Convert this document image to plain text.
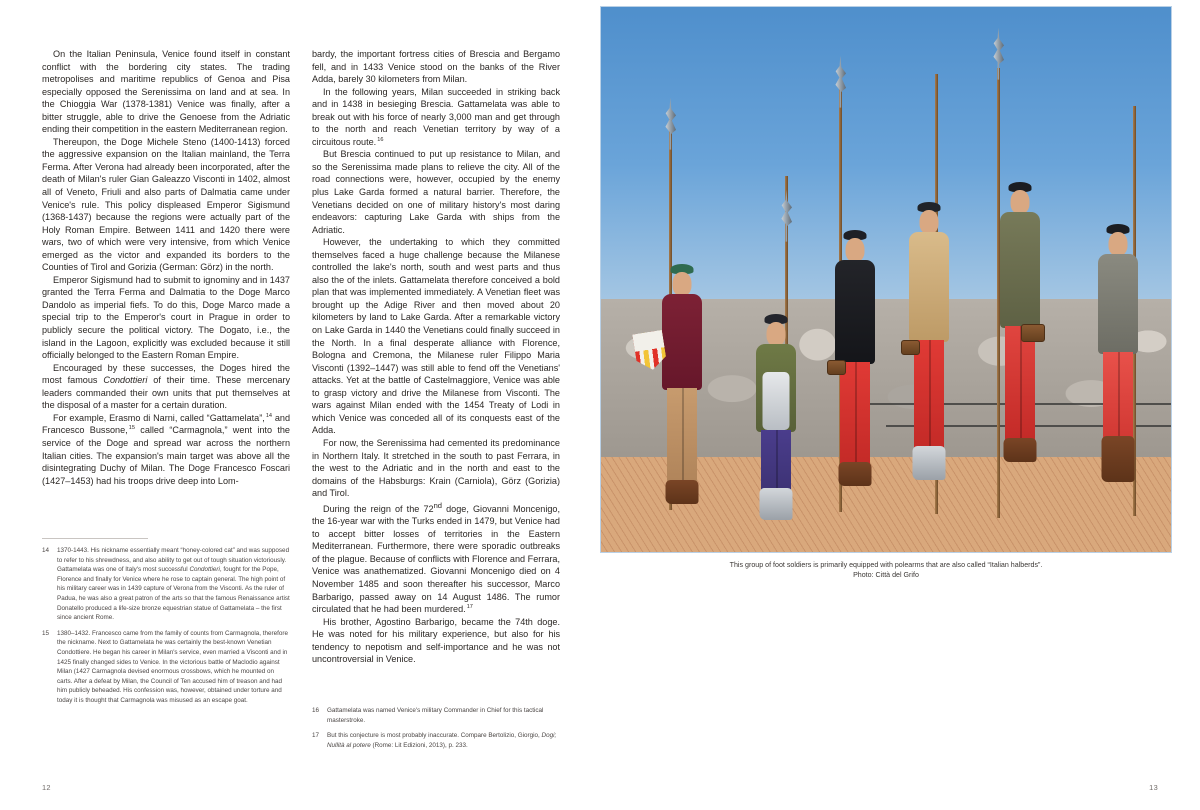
On the Italian Peninsula, Venice found itself in constant conflict with the bordering city states. The trading metropolises and maritime republics of Genoa and Pisa especially opposed the Serenissima on land and at sea. In the Chioggia War (1378-1381) Venice was finally, after a bitter struggle, able to drive the Genoese from the Adriatic ending their competition in the eastern Mediterranean region.

Thereupon, the Doge Michele Steno (1400-1413) forced the aggressive expansion on the Italian mainland, the Terra Ferma. After Verona had already been incorporated, after the death of Milan's ruler Gian Galeazzo Visconti in 1402, almost all of Veneto, Friuli and also parts of Dalmatia came under Venice's rule. This policy displeased Emperor Sigismund (1368-1437) because the regions were actually part of the Holy Roman Empire. Between 1411 and 1420 there were wars, two of which were very intensive, from which Venice emerged as the victor and expanded its borders to the Counties of Tirol and Gorizia (German: Görz) in the north.

Emperor Sigismund had to submit to ignominy and in 1437 granted the Terra Ferma and Dalmatia to the Doge Marco Dandolo as imperial fiefs. To do this, Doge Marco made a special trip to the Emperor's court in Prague in order to publicly secure the political victory. The Dogato, i.e., the island in the Lagoon, explicitly was excluded because it still officially belonged to the Eastern Roman Empire.

Encouraged by these successes, the Doges hired the most famous Condottieri of their time. These mercenary leaders commanded their own units that put themselves at the disposal of a master for a certain duration.

For example, Erasmo di Narni, called “Gattamelata”,$^{14}$ and Francesco Bussone,$^{15}$ called “Carmagnola,” went into the service of the Doge and spread war across the northern Italian cities. The expansion's main target was above all the disintegrating Duchy of Milan. The Doge Francesco Foscari (1427–1453) had his troops drive deep into Lom-

14	1370-1443. His nickname essentially meant “honey-colored cat” and was supposed to refer to his shrewdness, and also ability to get out of tough situation victoriously. Gattamelata was one of Italy's most successful Condottieri, fought for the Pope, Florence and finally for Venice where he rose to captain general. The high point of his military career was in 1439 capture of Verona from the Visconti. As the ruler of Padua, he was also a great patron of the arts so that the famous Renaissance artist Donatello produced a life-size bronze equestrian statue of Gattamelata – the first since ancient Rome.
15	1380–1432. Francesco came from the family of counts from Carmagnola, therefore the nickname. Next to Gattamelata he was certainly the best-known Venetian Condottiere. He began his career in Milan's service, even married a Visconti and in 1425 finally changed sides to Venice. In the victorious battle of Maclodio against Milan (1427 Carmagnola devised enormous crossbows, which he mounted on carts. After a defeat by Milan, the Council of Ten accused him of treason and had him publicly beheaded. His confession was, however, obtained under torture and today it is thought that Carmagnola was misused as an escape goat.

bardy, the important fortress cities of Brescia and Bergamo fell, and in 1433 Venice stood on the banks of the River Adda, barely 30 kilometers from Milan.

In the following years, Milan succeeded in striking back and in 1438 in besieging Brescia. Gattamelata was able to break out with his force of nearly 3,000 man and get through to the north and reach Venetian territory by way of a circuitous route.$^{16}$

But Brescia continued to put up resistance to Milan, and so the Serenissima made plans to relieve the city. All of the road connections were, however, occupied by the enemy plus Lake Garda formed a natural barrier. Therefore, the Venetians decided on one of military history's most daring endeavors: capturing Lake Garda with ships from the Adriatic.

However, the undertaking to which they committed themselves faced a huge challenge because the Milanese controlled the lake's north, south and west parts and thus also the of the inlets. Gattamelata therefore conceived a bold plan that was implemented immediately. A Venetian fleet was brought up the Adige River and then moved about 20 kilometers by land to Lake Garda. After a remarkable victory on Lake Garda in 1440 the Venetians could finally succeed in the North. In a final desperate alliance with Florence, Bologna and Cremona, the Milanese ruler Filippo Maria Visconti (1392–1447) was still able to fend off the Venetians' attacks. Yet at the battle of Castelmaggiore, Venice was able to grasp victory and drive the Milanese from Visconti. The wars against Milan ended with the 1454 Treaty of Lodi in which Venice was conceded all of its conquests east of the Adda.

For now, the Serenissima had cemented its predominance in Northern Italy. It stretched in the south to past Ferrara, in the west to the Adriatic and in the north and east to the domains of the Habsburgs: Krain (Carniola), Görz (Gorizia) and Tirol.

During the reign of the 72nd doge, Giovanni Moncenigo, the 16-year war with the Turks ended in 1479, but Venice had to accept bitter losses of territories in the Eastern Mediterranean. Furthermore, there were sporadic outbreaks of the plague. Because of conflicts with Florence and Ferrara, Venice was anathematized. Giovanni Moncenigo died on 4 November 1485 and soon thereafter his successor, Marco Barbarigo, passed away on 14 August 1486. The rumor circulated that he had been murdered.$^{17}$

His brother, Agostino Barbarigo, became the 74th doge. He was noted for his military experience, but also for his tendency to nepotism and self-importance and he was not uncontroversial in Venice.

16	Gattamelata was named Venice's military Commander in Chief for this tactical masterstroke.
17	But this conjecture is most probably inaccurate. Compare Bertolizio, Giorgio, Dogi; Nullità al potere (Rome: Lit Edizioni, 2013), p. 233.
12
This group of foot soldiers is primarily equipped with polearms that are also called “Italian halberds”.
Photo: Città del Grifo
13
